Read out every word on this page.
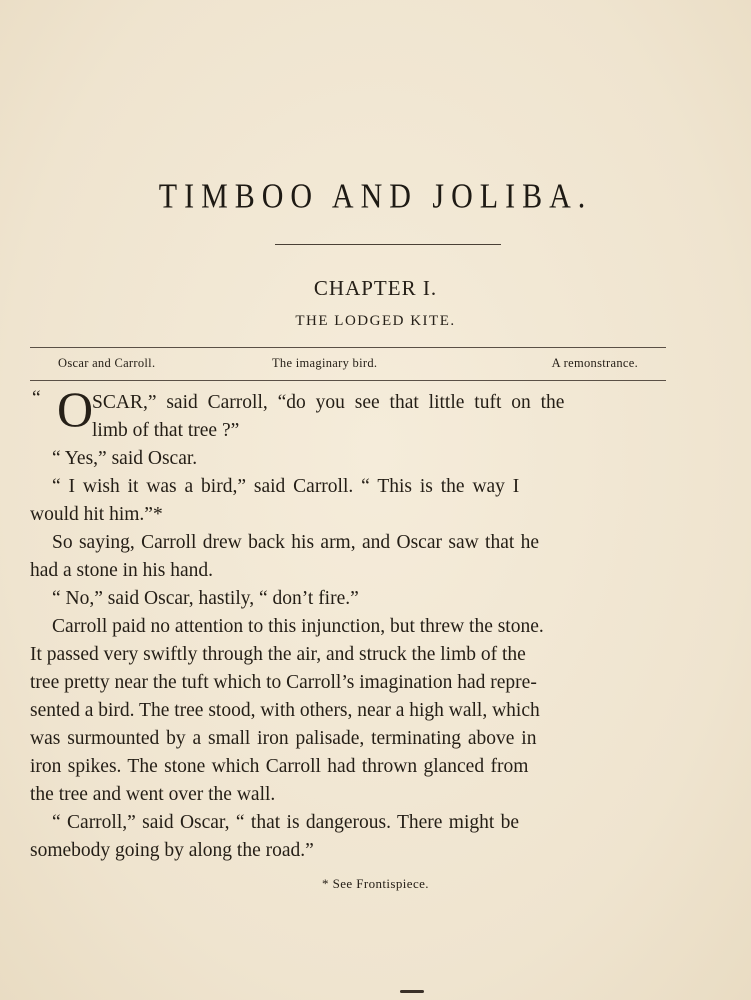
TIMBOO AND JOLIBA.
CHAPTER I.
THE LODGED KITE.
Oscar and Carroll.	The imaginary bird.	A remonstrance.
“ O
SCAR,” said Carroll, “do you see that little tuft on the
limb of that tree ?”
“ Yes,” said Oscar.
“ I wish it was a bird,” said Carroll. “ This is the way I
would hit him.”*
So saying, Carroll drew back his arm, and Oscar saw that he
had a stone in his hand.
“ No,” said Oscar, hastily, “ don’t fire.”
Carroll paid no attention to this injunction, but threw the stone.
It passed very swiftly through the air, and struck the limb of the
tree pretty near the tuft which to Carroll’s imagination had repre-
sented a bird. The tree stood, with others, near a high wall, which
was surmounted by a small iron palisade, terminating above in
iron spikes. The stone which Carroll had thrown glanced from
the tree and went over the wall.
“ Carroll,” said Oscar, “ that is dangerous. There might be
somebody going by along the road.”
* See Frontispiece.
